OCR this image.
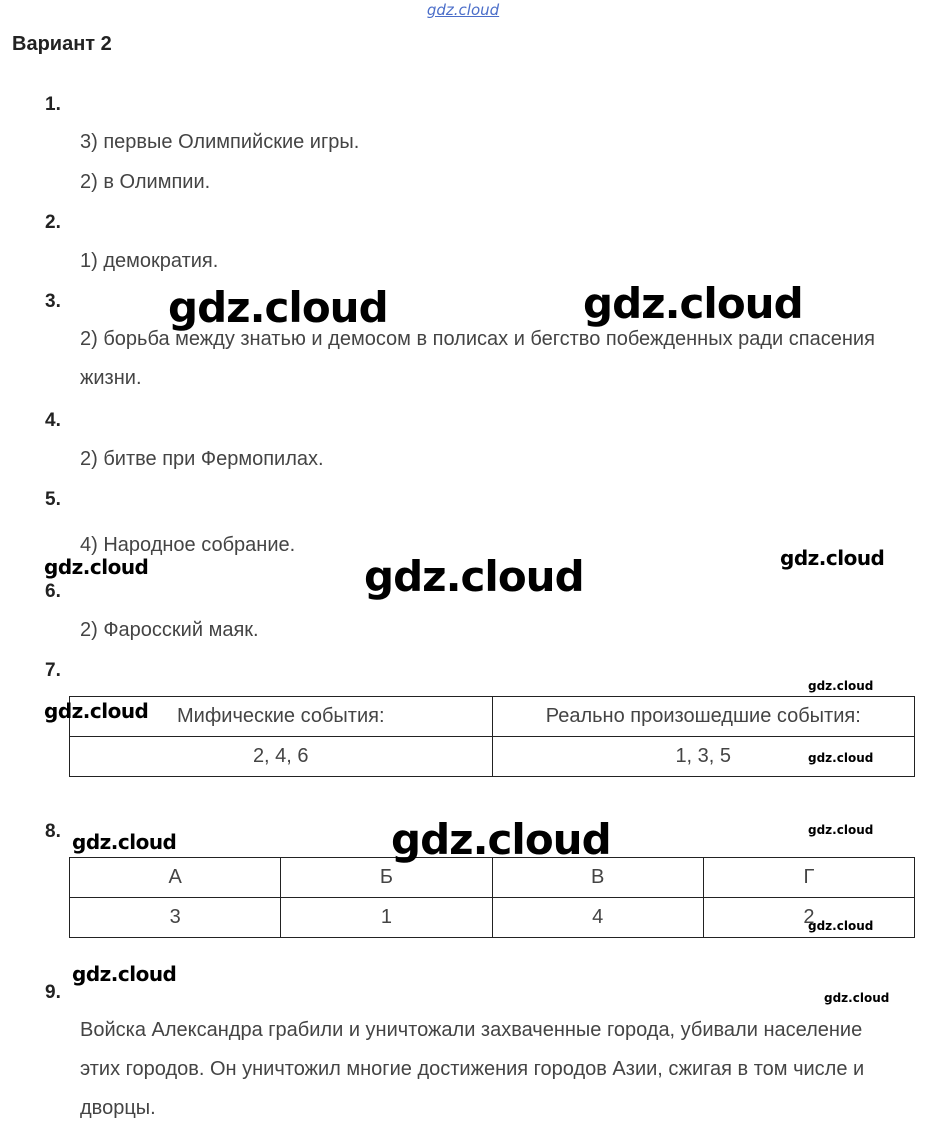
gdz.cloud
Вариант 2
1.
3) первые Олимпийские игры.
2) в Олимпии.
2.
1) демократия.
3.
2) борьба между знатью и демосом в полисах и бегство побежденных ради спасения жизни.
4.
2) битве при Фермопилах.
5.
4) Народное собрание.
6.
2) Фаросский маяк.
7.
Мифические события:	Реально произошедшие события:
2, 4, 6	1, 3, 5
8.
А	Б	В	Г
3	1	4	2
9.
Войска Александра грабили и уничтожали захваченные города, убивали население этих городов. Он уничтожил многие достижения городов Азии, сжигая в том числе и дворцы.
gdz.cloud	gdz.cloud
gdz.cloud
gdz.cloud
gdz.cloud	gdz.cloud
gdz.cloud
gdz.cloud
gdz.cloud
gdz.cloud
gdz.cloud
gdz.cloud
gdz.cloud
gdz.cloud
